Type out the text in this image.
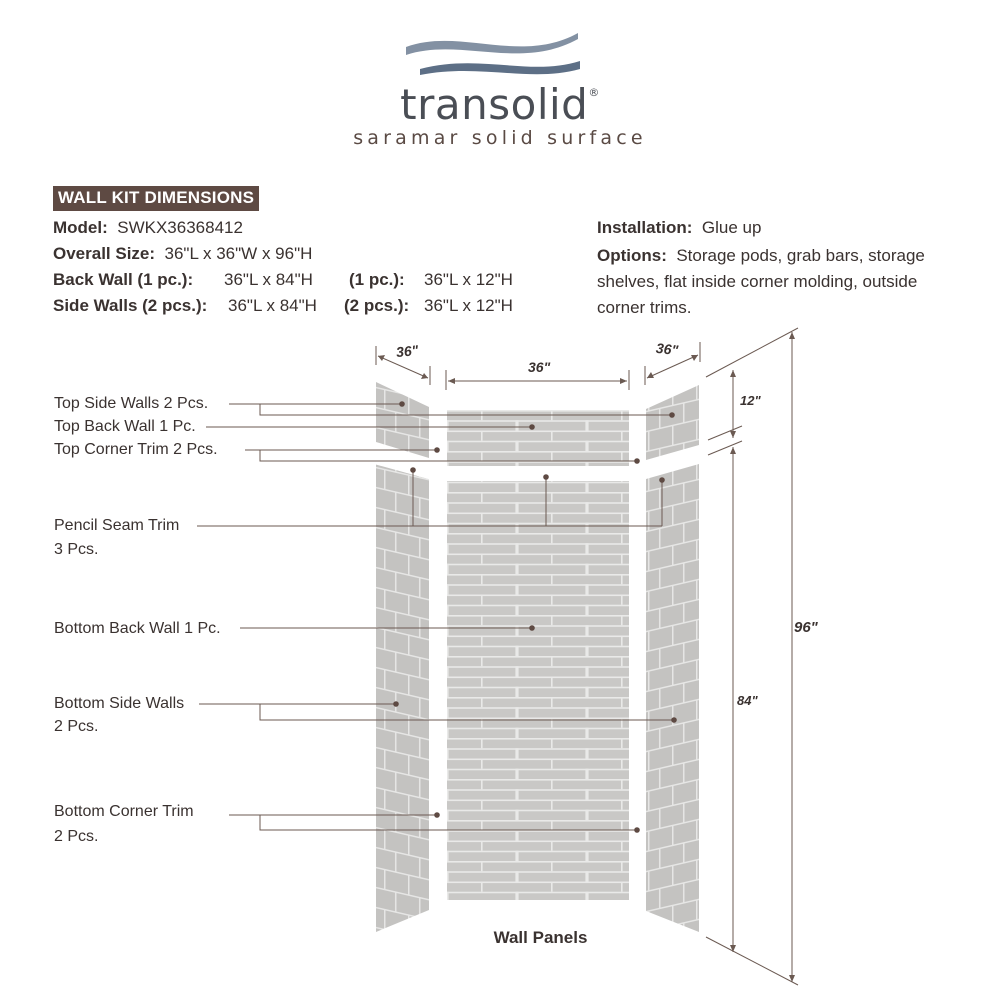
transolid®
saramar solid surface
WALL KIT DIMENSIONS
Model: SWKX36368412
Overall Size: 36"L x 36"W x 96"H
Back Wall (1 pc.): 36"L x 84"H (1 pc.): 36"L x 12"H
Side Walls (2 pcs.): 36"L x 84"H (2 pcs.): 36"L x 12"H
Installation: Glue up
Options: Storage pods, grab bars, storage shelves, flat inside corner molding, outside corner trims.
36"
36"
36"
12"
84"
96"
Top Side Walls 2 Pcs.
Top Back Wall 1 Pc.
Top Corner Trim 2 Pcs.
Pencil Seam Trim
3 Pcs.
Bottom Back Wall 1 Pc.
Bottom Side Walls
2 Pcs.
Bottom Corner Trim
2 Pcs.
Wall Panels
